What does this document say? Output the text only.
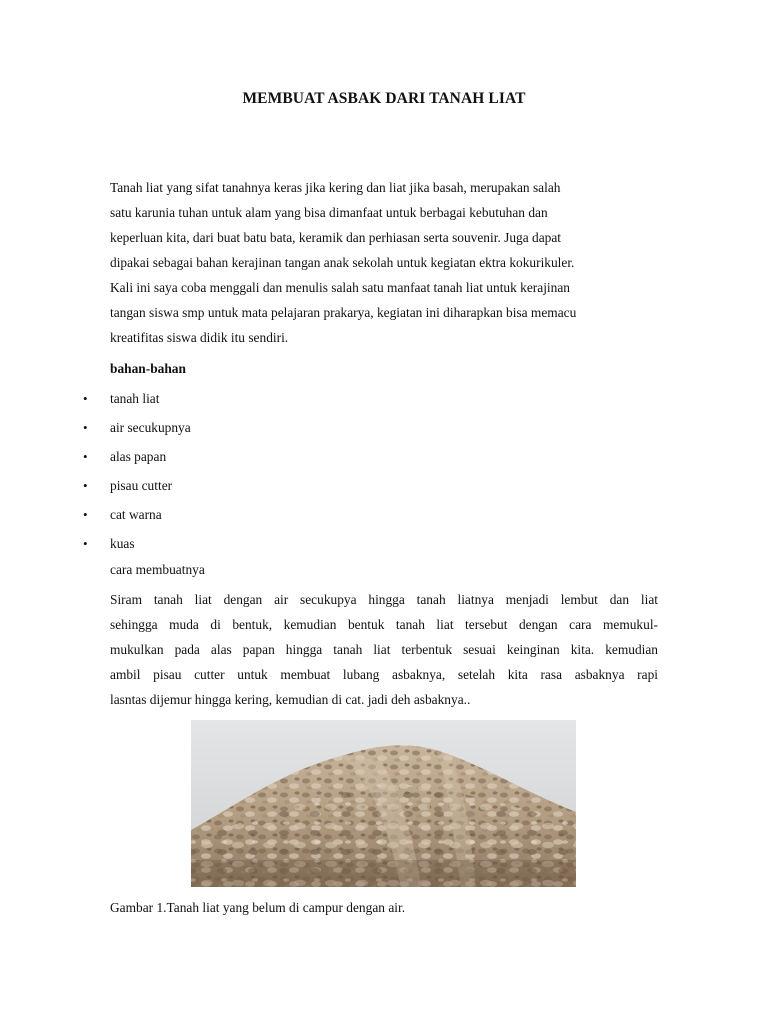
MEMBUAT ASBAK DARI TANAH LIAT
Tanah liat yang sifat tanahnya keras jika kering dan liat jika basah, merupakan salah
satu karunia tuhan untuk alam yang bisa dimanfaat untuk berbagai kebutuhan dan
keperluan kita, dari buat batu bata, keramik dan perhiasan serta souvenir. Juga dapat
dipakai sebagai bahan kerajinan tangan anak sekolah untuk kegiatan ektra kokurikuler.
Kali ini saya coba menggali dan menulis salah satu manfaat tanah liat untuk kerajinan
tangan siswa smp untuk mata pelajaran prakarya, kegiatan ini diharapkan bisa memacu
kreatifitas siswa didik itu sendiri.
bahan-bahan
• tanah liat
• air secukupnya
• alas papan
• pisau cutter
• cat warna
• kuas
cara membuatnya
Siram tanah liat dengan air secukupya hingga tanah liatnya menjadi lembut dan liat
sehingga muda di bentuk, kemudian bentuk tanah liat tersebut dengan cara memukul-
mukulkan pada alas papan hingga tanah liat terbentuk sesuai keinginan kita. kemudian
ambil pisau cutter untuk membuat lubang asbaknya, setelah kita rasa asbaknya rapi
lasntas dijemur hingga kering, kemudian di cat. jadi deh asbaknya..
Gambar 1.Tanah liat yang belum di campur dengan air.
